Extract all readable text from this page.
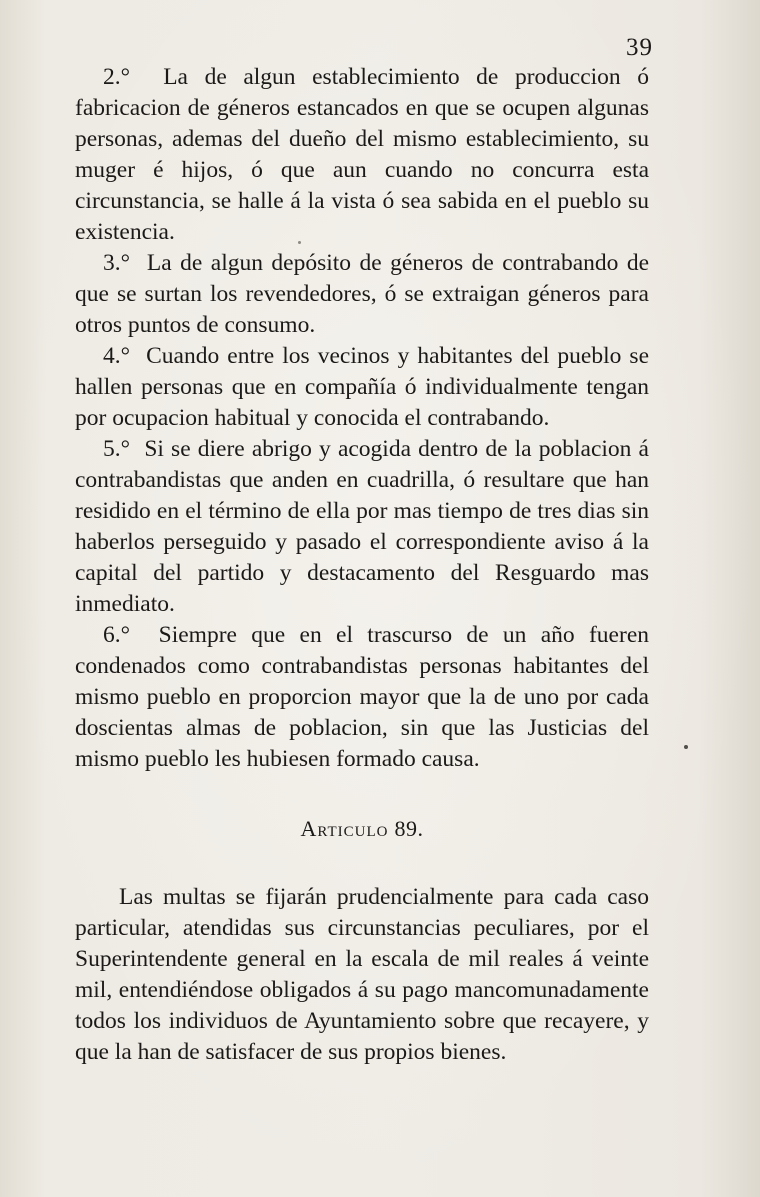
39

2.° La de algun establecimiento de produccion ó fabricacion de géneros estancados en que se ocupen algunas personas, ademas del dueño del mismo establecimiento, su muger é hijos, ó que aun cuando no concurra esta circunstancia, se halle á la vista ó sea sabida en el pueblo su existencia.

3.° La de algun depósito de géneros de contrabando de que se surtan los revendedores, ó se extraigan géneros para otros puntos de consumo.

4.° Cuando entre los vecinos y habitantes del pueblo se hallen personas que en compañía ó individualmente tengan por ocupacion habitual y conocida el contrabando.

5.° Si se diere abrigo y acogida dentro de la poblacion á contrabandistas que anden en cuadrilla, ó resultare que han residido en el término de ella por mas tiempo de tres dias sin haberlos perseguido y pasado el correspondiente aviso á la capital del partido y destacamento del Resguardo mas inmediato.

6.° Siempre que en el trascurso de un año fueren condenados como contrabandistas personas habitantes del mismo pueblo en proporcion mayor que la de uno por cada doscientas almas de poblacion, sin que las Justicias del mismo pueblo les hubiesen formado causa.

Articulo 89.

Las multas se fijarán prudencialmente para cada caso particular, atendidas sus circunstancias peculiares, por el Superintendente general en la escala de mil reales á veinte mil, entendiéndose obligados á su pago mancomunadamente todos los individuos de Ayuntamiento sobre que recayere, y que la han de satisfacer de sus propios bienes.
